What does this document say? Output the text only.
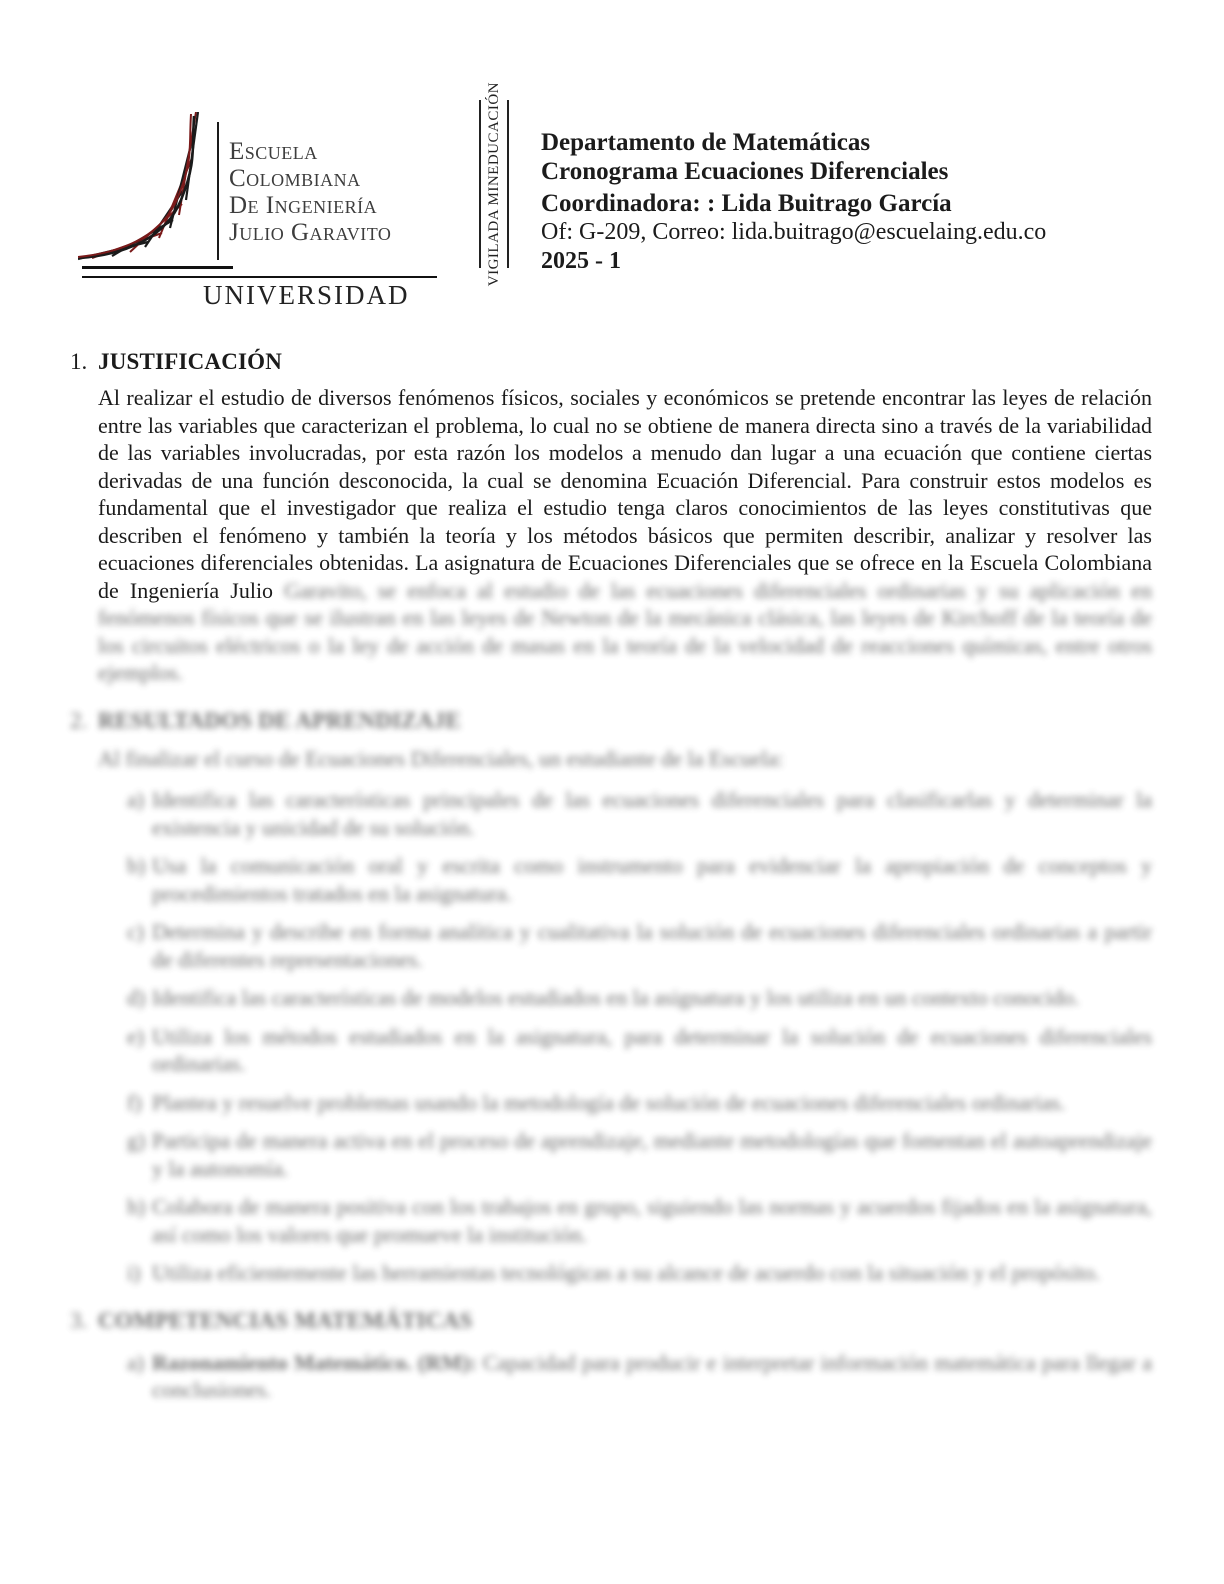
Escuela
Colombiana
De Ingeniería
Julio Garavito
UNIVERSIDAD
VIGILADA MINEDUCACIÓN Departamento de Matemáticas
Cronograma Ecuaciones Diferenciales
Coordinadora: : Lida Buitrago García
Of: G-209, Correo: lida.buitrago@escuelaing.edu.co
2025 - 1
1. JUSTIFICACIÓN

Al realizar el estudio de diversos fenómenos físicos, sociales y económicos se pretende encontrar las leyes de relación entre las variables que caracterizan el problema, lo cual no se obtiene de manera directa sino a través de la variabilidad de las variables involucradas, por esta razón los modelos a menudo dan lugar a una ecuación que contiene ciertas derivadas de una función desconocida, la cual se denomina Ecuación Diferencial. Para construir estos modelos es fundamental que el investigador que realiza el estudio tenga claros conocimientos de las leyes constitutivas que describen el fenómeno y también la teoría y los métodos básicos que permiten describir, analizar y resolver las ecuaciones diferenciales obtenidas. La asignatura de Ecuaciones Diferenciales que se ofrece en la Escuela Colombiana de Ingeniería Julio Garavito, se enfoca al estudio de las ecuaciones diferenciales ordinarias y su aplicación en fenómenos físicos que se ilustran en las leyes de Newton de la mecánica clásica, las leyes de Kirchoff de la teoría de los circuitos eléctricos o la ley de acción de masas en la teoría de la velocidad de reacciones químicas, entre otros ejemplos.

2. RESULTADOS DE APRENDIZAJE

Al finalizar el curso de Ecuaciones Diferenciales, un estudiante de la Escuela:

a) Identifica las características principales de las ecuaciones diferenciales para clasificarlas y determinar la existencia y unicidad de su solución.
b) Usa la comunicación oral y escrita como instrumento para evidenciar la apropiación de conceptos y procedimientos tratados en la asignatura.
c) Determina y describe en forma analítica y cualitativa la solución de ecuaciones diferenciales ordinarias a partir de diferentes representaciones.
d) Identifica las características de modelos estudiados en la asignatura y los utiliza en un contexto conocido.
e) Utiliza los métodos estudiados en la asignatura, para determinar la solución de ecuaciones diferenciales ordinarias.
f) Plantea y resuelve problemas usando la metodología de solución de ecuaciones diferenciales ordinarias.
g) Participa de manera activa en el proceso de aprendizaje, mediante metodologías que fomentan el autoaprendizaje y la autonomía.
h) Colabora de manera positiva con los trabajos en grupo, siguiendo las normas y acuerdos fijados en la asignatura, así como los valores que promueve la institución.
i) Utiliza eficientemente las herramientas tecnológicas a su alcance de acuerdo con la situación y el propósito.
3. COMPETENCIAS MATEMÁTICAS
a) Razonamiento Matemático. (RM): Capacidad para producir e interpretar información matemática para llegar a conclusiones.
